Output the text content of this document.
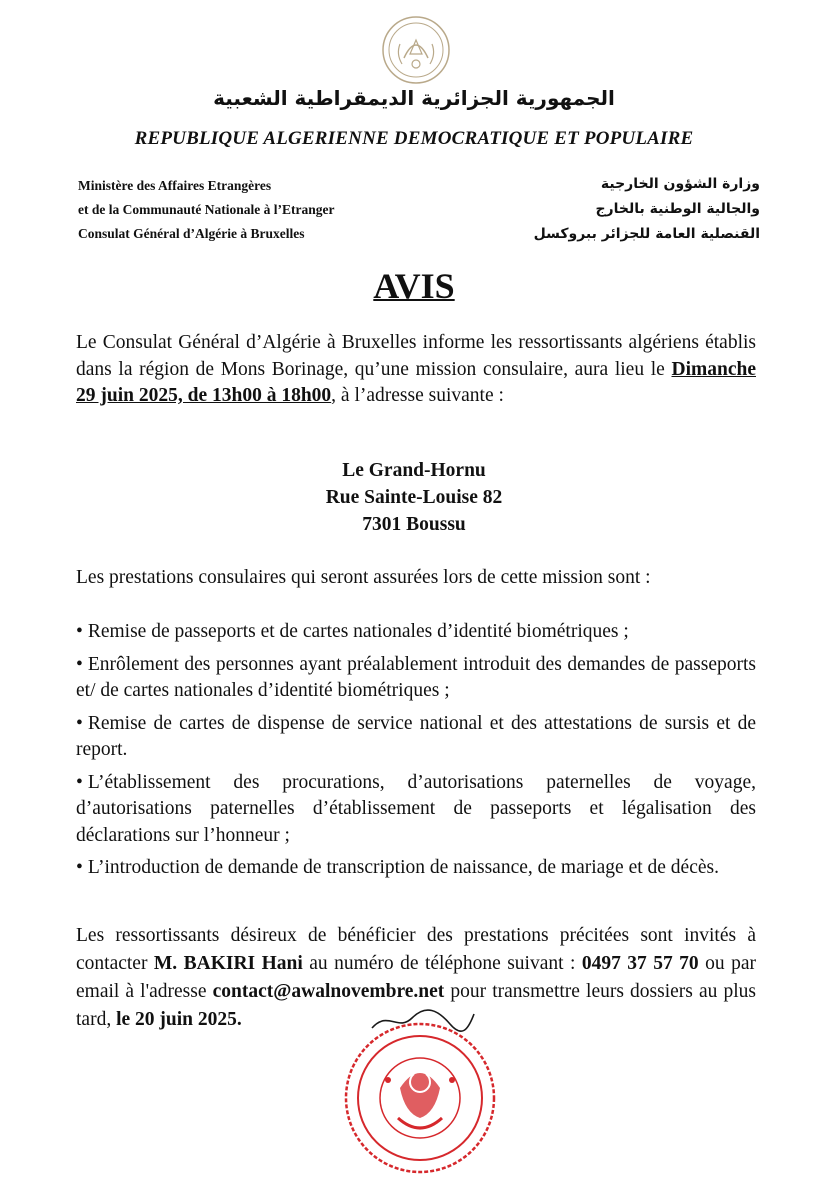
الجمهورية الجزائرية الديمقراطية الشعبية
REPUBLIQUE ALGERIENNE DEMOCRATIQUE ET POPULAIRE
Ministère des Affaires Etrangères
et de la Communauté Nationale à l’Etranger
Consulat Général d’Algérie à Bruxelles
وزارة الشؤون الخارجية
والجالية الوطنية بالخارج
القنصلية العامة للجزائر ببروكسل
AVIS
Le Consulat Général d’Algérie à Bruxelles informe les ressortissants algériens établis dans la région de Mons Borinage, qu’une mission consulaire, aura lieu le Dimanche 29 juin 2025, de 13h00 à 18h00, à l’adresse suivante :
Le Grand-Hornu
Rue Sainte-Louise 82
7301 Boussu
Les prestations consulaires qui seront assurées lors de cette mission sont :
• Remise de passeports et de cartes nationales d’identité biométriques ;
• Enrôlement des personnes ayant préalablement introduit des demandes de passeports et/ de cartes nationales d’identité biométriques ;
• Remise de cartes de dispense de service national et des attestations de sursis et de report.
• L’établissement des procurations, d’autorisations paternelles de voyage, d’autorisations paternelles d’établissement de passeports et légalisation des déclarations sur l’honneur ;
• L’introduction de demande de transcription de naissance, de mariage et de décès.
Les ressortissants désireux de bénéficier des prestations précitées sont invités à contacter M. BAKIRI Hani au numéro de téléphone suivant : 0497 37 57 70 ou par email à l'adresse contact@awalnovembre.net pour transmettre leurs dossiers au plus tard, le 20 juin 2025.
